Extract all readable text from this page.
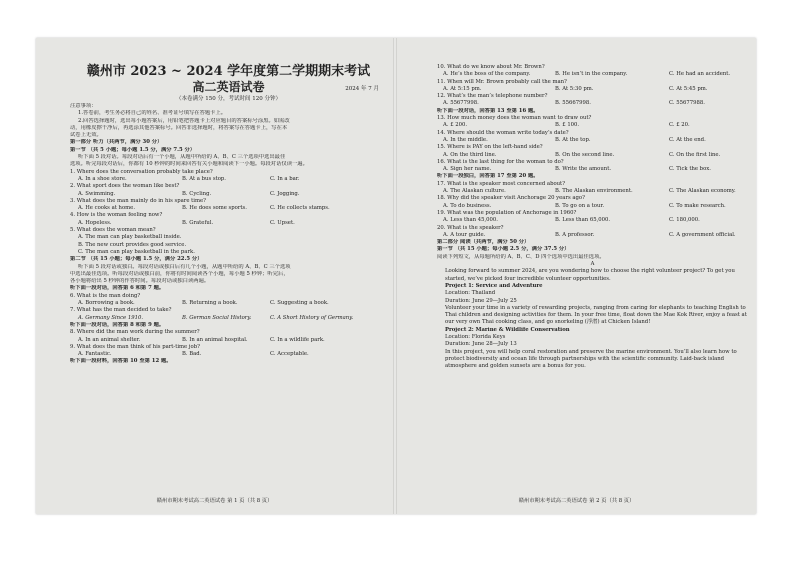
赣州市 2023 ~ 2024 学年度第二学期期末考试
高二英语试卷	2024 年 7 月
（本卷满分 150 分，考试时间 120 分钟）

注意事项：

1.答卷前，考生务必将自己的姓名、准考证号填写在答题卡上。

2.回答选择题时，选出每小题答案后，用铅笔把答题卡上对应题目的答案标号涂黑。如需改

动，用橡皮擦干净后，再选涂其他答案标号。回答非选择题时，将答案写在答题卡上，写在本

试卷上无效。

第一部分 听力（共两节，满分 30 分）

第一节 （共 5 小题；每小题 1.5 分，满分 7.5 分）

听下面 5 段对话。每段对话后有一个小题，从题中所给的 A、B、C 三个选项中选出最佳

选项。听完每段对话后，你都有 10 秒钟的时间来回答有关小题和阅读下一小题。每段对话仅读一遍。

1. Where does the conversation probably take place?
A. In a shoe store.	B. At a bus stop.	C. In a bar.
2. What sport does the woman like best?
A. Swimming.	B. Cycling.	C. Jogging.
3. What does the man mainly do in his spare time?
A. He cooks at home.	B. He does some sports.	C. He collects stamps.
4. How is the woman feeling now?
A. Hopeless.	B. Grateful.	C. Upset.
5. What does the woman mean?
A. The man can play basketball inside.
B. The new court provides good service.
C. The man can play basketball in the park.

第二节 （共 15 小题；每小题 1.5 分，满分 22.5 分）

听下面 5 段对话或独白。每段对话或独白后有几个小题，从题中所给的 A、B、C 三个选项

中选出最佳选项。听每段对话或独白前，你将有时间阅读各个小题，每小题 5 秒钟；听完后，

各小题将给出 5 秒钟的作答时间。每段对话或独白读两遍。

听下面一段对话，回答第 6 和第 7 题。

6. What is the man doing?
A. Borrowing a book.	B. Returning a book.	C. Suggesting a book.
7. What has the man decided to take?
A. Germany Since 1910.	B. German Social History.	C. A Short History of Germany.

听下面一段对话，回答第 8 和第 9 题。

8. Where did the man work during the summer?
A. In an animal shelter.	B. In an animal hospital.	C. In a wildlife park.
9. What does the man think of his part-time job?
A. Fantastic.	B. Bad.	C. Acceptable.

听下面一段材料，回答第 10 至第 12 题。

赣州市期末考试高二英语试卷 第 1 页（共 8 页）
10. What do we know about Mr. Brown?
A. He’s the boss of the company.	B. He isn’t in the company.	C. He had an accident.
11. When will Mr. Brown probably call the man?
A. At 5:15 pm.	B. At 5:30 pm.	C. At 5:45 pm.
12. What’s the man’s telephone number?
A. 55677998.	B. 55667998.	C. 55677988.

听下面一段对话，回答第 13 至第 16 题。

13. How much money does the woman want to draw out?
A. £ 200.	B. £ 100.	C. £ 20.
14. Where should the woman write today’s date?
A. In the middle.	B. At the top.	C. At the end.
15. Where is PAY on the left-hand side?
A. On the third line.	B. On the second line.	C. On the first line.
16. What is the last thing for the woman to do?
A. Sign her name.	B. Write the amount.	C. Tick the box.

听下面一段独白，回答第 17 至第 20 题。

17. What is the speaker most concerned about?
A. The Alaskan culture.	B. The Alaskan environment.	C. The Alaskan economy.
18. Why did the speaker visit Anchorage 20 years ago?
A. To do business.	B. To go on a tour.	C. To make research.
19. What was the population of Anchorage in 1960?
A. Less than 45,000.	B. Less than 65,000.	C. 180,000.
20. What is the speaker?
A. A tour guide.	B. A professor.	C. A government official.

第二部分 阅读（共两节，满分 50 分）

第一节 （共 15 小题；每小题 2.5 分，满分 37.5 分）

阅读下列短文，从每题所给的 A、B、C、D 四个选项中选出最佳选项。

A

Looking forward to summer 2024, are you wondering how to choose the right volunteer project? To get you started, we’ve picked four incredible volunteer opportunities.

Project 1: Service and Adventure

Location: Thailand

Duration: June 29—July 25

Volunteer your time in a variety of rewarding projects, ranging from caring for elephants to teaching English to Thai children and designing activities for them. In your free time, float down the Mae Kok River, enjoy a feast at our very own Thai cooking class, and go snorkeling (浮潜) at Chicken Island!

Project 2: Marine & Wildlife Conservation

Location: Florida Keys

Duration: June 28—July 13

In this project, you will help coral restoration and preserve the marine environment. You’ll also learn how to protect biodiversity and ocean life through partnerships with the scientific community. Laid-back island atmosphere and golden sunsets are a bonus for you.

赣州市期末考试高二英语试卷 第 2 页（共 8 页）
